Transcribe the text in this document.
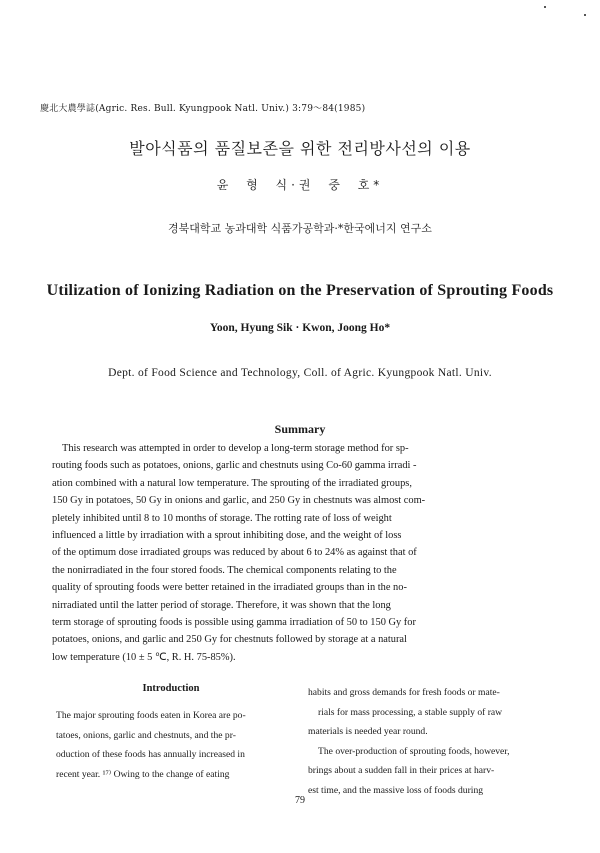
慶北大農學誌(Agric. Res. Bull. Kyungpook Natl. Univ.) 3:79～84(1985)
발아식품의 품질보존을 위한 전리방사선의 이용
윤 형 식·권 중 호*
경북대학교 농과대학 식품가공학과·*한국에너지 연구소
Utilization of Ionizing Radiation on the Preservation of Sprouting Foods
Yoon, Hyung Sik · Kwon, Joong Ho*
Dept. of Food Science and Technology, Coll. of Agric. Kyungpook Natl. Univ.
Summary
This research was attempted in order to develop a long-term storage method for sp-
routing foods such as potatoes, onions, garlic and chestnuts using Co-60 gamma irradi -
ation combined with a natural low temperature. The sprouting of the irradiated groups,
150 Gy in potatoes, 50 Gy in onions and garlic, and 250 Gy in chestnuts was almost com-
pletely inhibited until 8 to 10 months of storage. The rotting rate of loss of weight
influenced a little by irradiation with a sprout inhibiting dose, and the weight of loss
of the optimum dose irradiated groups was reduced by about 6 to 24% as against that of
the nonirradiated in the four stored foods. The chemical components relating to the
quality of sprouting foods were better retained in the irradiated groups than in the no-
nirradiated until the latter period of storage. Therefore, it was shown that the long
term storage of sprouting foods is possible using gamma irradiation of 50 to 150 Gy for
potatoes, onions, and garlic and 250 Gy for chestnuts followed by storage at a natural
low temperature (10 ± 5 ℃, R. H. 75-85%).
Introduction
The major sprouting foods eaten in Korea are po-
tatoes, onions, garlic and chestnuts, and the pr-
oduction of these foods has annually increased in
recent year. ¹⁷⁾ Owing to the change of eating
habits and gross demands for fresh foods or mate-
rials for mass processing, a stable supply of raw
materials is needed year round.
The over-production of sprouting foods, however,
brings about a sudden fall in their prices at harv-
est time, and the massive loss of foods during
79
